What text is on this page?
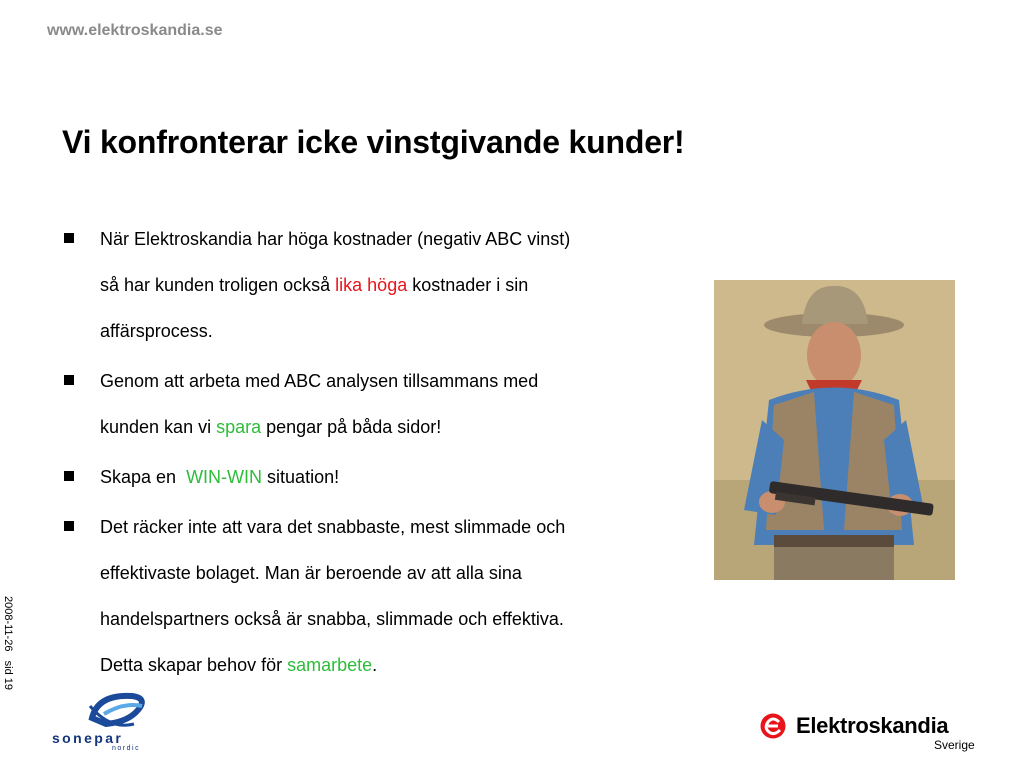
www.elektroskandia.se
Vi konfronterar icke vinstgivande kunder!
När Elektroskandia har höga kostnader (negativ ABC vinst)
så har kunden troligen också lika höga kostnader i sin
affärsprocess.
Genom att arbeta med ABC analysen tillsammans med
kunden kan vi spara pengar på båda sidor!
Skapa en  WIN-WIN situation!
Det räcker inte att vara det snabbaste, mest slimmade och
effektivaste bolaget. Man är beroende av att alla sina
handelspartners också är snabba, slimmade och effektiva.
Detta skapar behov för samarbete.
2008-11-26   sid 19
sonepar
nordic
Elektroskandia
Sverige
